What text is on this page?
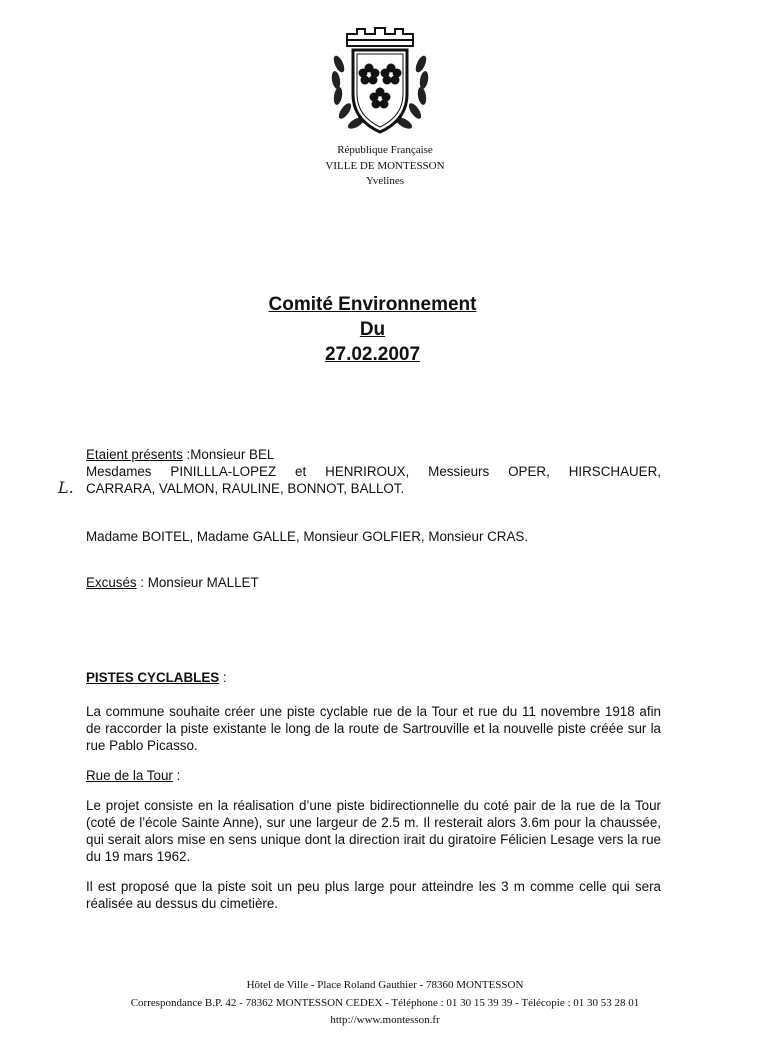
République Française
VILLE DE MONTESSON
Yvelines
Comité Environnement
Du
27.02.2007
Etaient présents :Monsieur BEL
Mesdames PINILLLA-LOPEZ et HENRIROUX, Messieurs OPER, HIRSCHAUER,
CARRARA, VALMON, RAULINE, BONNOT, BALLOT.
L.
Madame BOITEL, Madame GALLE, Monsieur GOLFIER, Monsieur CRAS.
Excusés : Monsieur MALLET
PISTES CYCLABLES :
La commune souhaite créer une piste cyclable rue de la Tour et rue du 11 novembre 1918 afin de raccorder la piste existante le long de la route de Sartrouville et la nouvelle piste créée sur la rue Pablo Picasso.
Rue de la Tour :
Le projet consiste en la réalisation d’une piste bidirectionnelle du coté pair de la rue de la Tour (coté de l’école Sainte Anne), sur une largeur de 2.5 m. Il resterait alors 3.6m pour la chaussée, qui serait alors mise en sens unique dont la direction irait du giratoire Félicien Lesage vers la rue du 19 mars 1962.
Il est proposé que la piste soit un peu plus large pour atteindre les 3 m comme celle qui sera réalisée au dessus du cimetière.
Hôtel de Ville - Place Roland Gauthier - 78360 MONTESSON
Correspondance B.P. 42 - 78362 MONTESSON CEDEX - Téléphone : 01 30 15 39 39 - Télécopie : 01 30 53 28 01
http://www.montesson.fr
